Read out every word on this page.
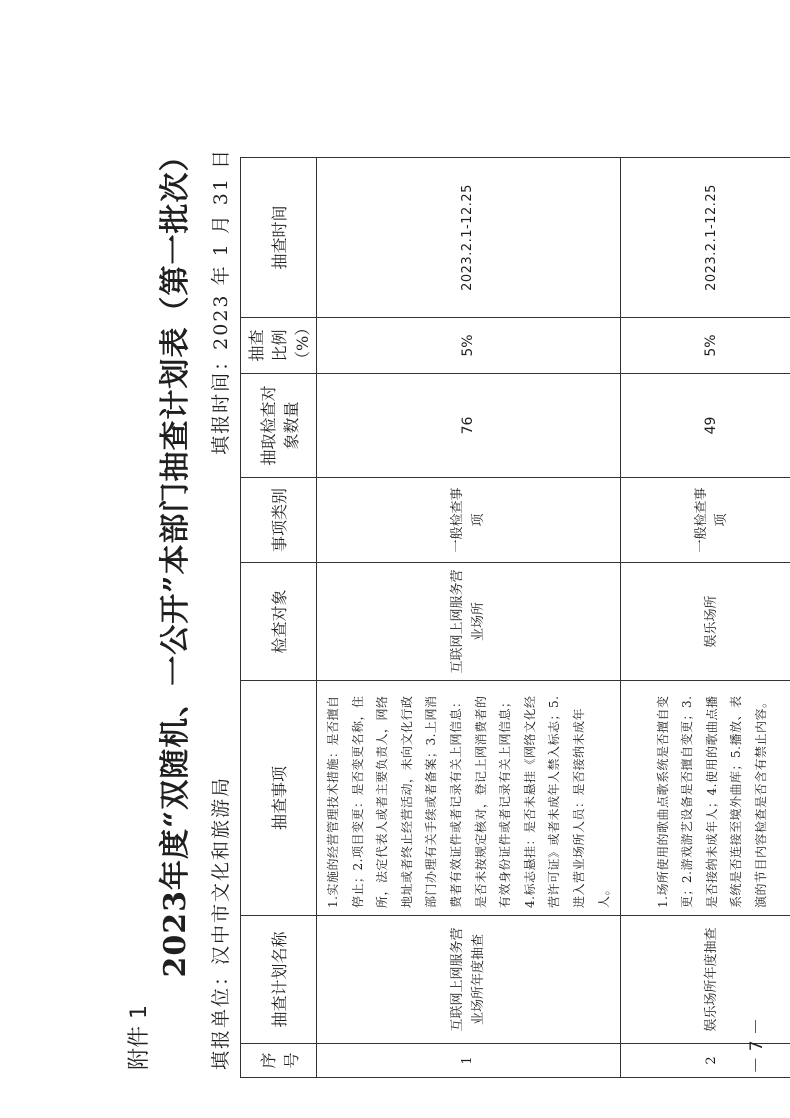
附件 1
2023年度“双随机、一公开”本部门抽查计划表（第一批次） 填报单位：汉中市文化和旅游局
填报时间：2023 年 1 月 31 日
序号	抽查计划名称	抽查事项	检查对象	事项类别	抽取检查对象数量	抽查比例（%）	抽查时间
1	互联网上网服务营业场所年度抽查	1.实施的经营管理技术措施：是否擅自停止；2.项目变更：是否变更名称，住所，法定代表人或者主要负责人，网络地址或者终止经营活动，未向文化行政部门办理有关手续或者备案；3.上网消费者有效证件或者记录有关上网信息：是否未按规定核对，登记上网消费者的有效身份证件或者记录有关上网信息；4.标志悬挂：是否未悬挂《网络文化经营许可证》或者未成年人禁入标志；5.进入营业场所人员：是否接纳未成年人。	互联网上网服务营业场所	一般检查事项	76	5%	2023.2.1-12.25
2	娱乐场所年度抽查	1.场所使用的歌曲点歌系统是否擅自变更；2.游戏游艺设备是否擅自变更；3.是否接纳未成年人；4.使用的歌曲点播系统是否连接至境外曲库；5.播放、表演的节目内容检查是否含有禁止内容。	娱乐场所	一般检查事项	49	5%	2023.2.1-12.25
－ 7 －
